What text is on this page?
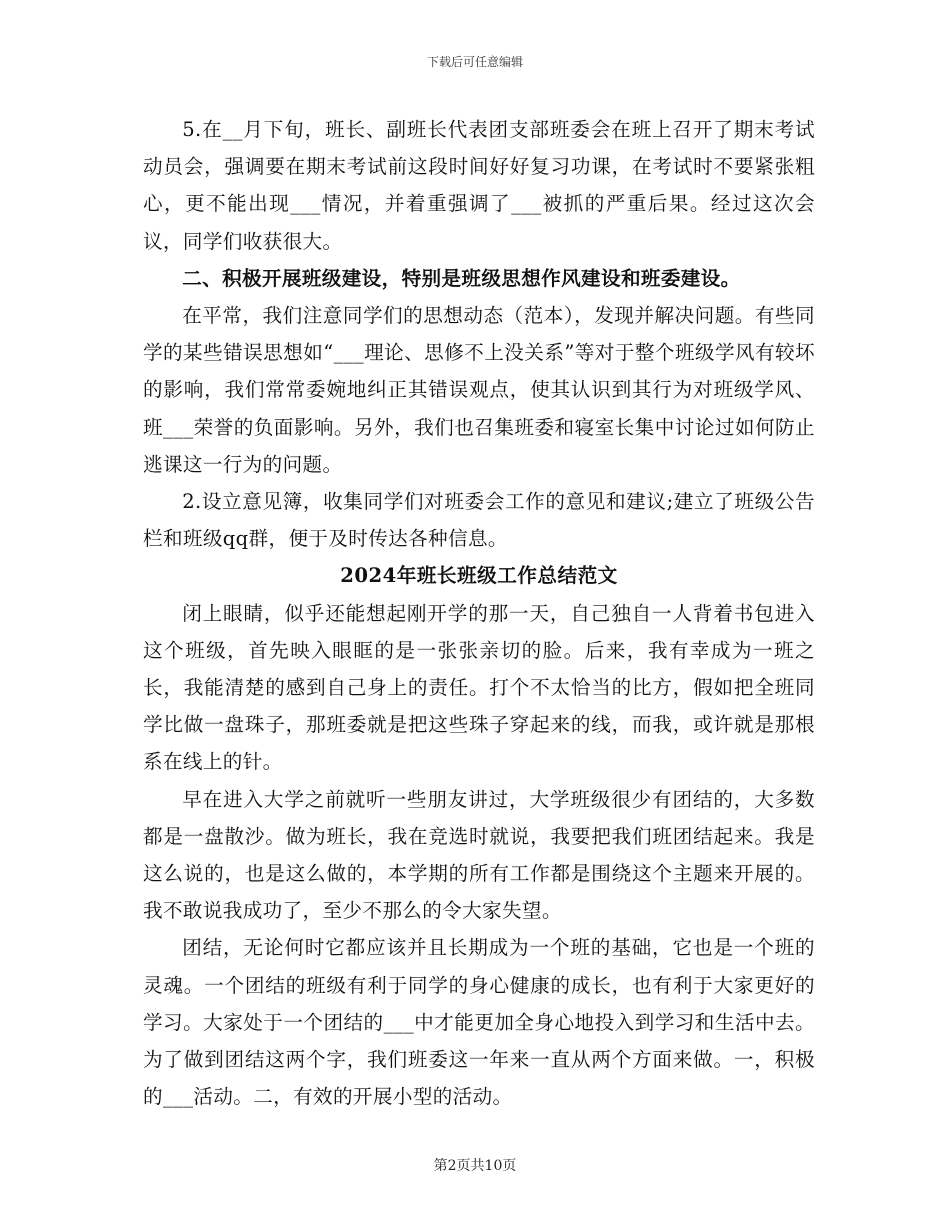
下载后可任意编辑

5.在__月下旬，班长、副班长代表团支部班委会在班上召开了期末考试动员会，强调要在期末考试前这段时间好好复习功课，在考试时不要紧张粗心，更不能出现___情况，并着重强调了___被抓的严重后果。经过这次会议，同学们收获很大。

二、积极开展班级建设，特别是班级思想作风建设和班委建设。

在平常，我们注意同学们的思想动态（范本），发现并解决问题。有些同学的某些错误思想如“___理论、思修不上没关系”等对于整个班级学风有较坏的影响，我们常常委婉地纠正其错误观点，使其认识到其行为对班级学风、班___荣誉的负面影响。另外，我们也召集班委和寝室长集中讨论过如何防止逃课这一行为的问题。

2.设立意见簿，收集同学们对班委会工作的意见和建议;建立了班级公告栏和班级qq群，便于及时传达各种信息。

2024年班长班级工作总结范文

闭上眼睛，似乎还能想起刚开学的那一天，自己独自一人背着书包进入这个班级，首先映入眼眶的是一张张亲切的脸。后来，我有幸成为一班之长，我能清楚的感到自己身上的责任。打个不太恰当的比方，假如把全班同学比做一盘珠子，那班委就是把这些珠子穿起来的线，而我，或许就是那根系在线上的针。

早在进入大学之前就听一些朋友讲过，大学班级很少有团结的，大多数都是一盘散沙。做为班长，我在竞选时就说，我要把我们班团结起来。我是这么说的，也是这么做的，本学期的所有工作都是围绕这个主题来开展的。我不敢说我成功了，至少不那么的令大家失望。

团结，无论何时它都应该并且长期成为一个班的基础，它也是一个班的灵魂。一个团结的班级有利于同学的身心健康的成长，也有利于大家更好的学习。大家处于一个团结的___中才能更加全身心地投入到学习和生活中去。为了做到团结这两个字，我们班委这一年来一直从两个方面来做。一，积极的___活动。二，有效的开展小型的活动。

第2页共10页
